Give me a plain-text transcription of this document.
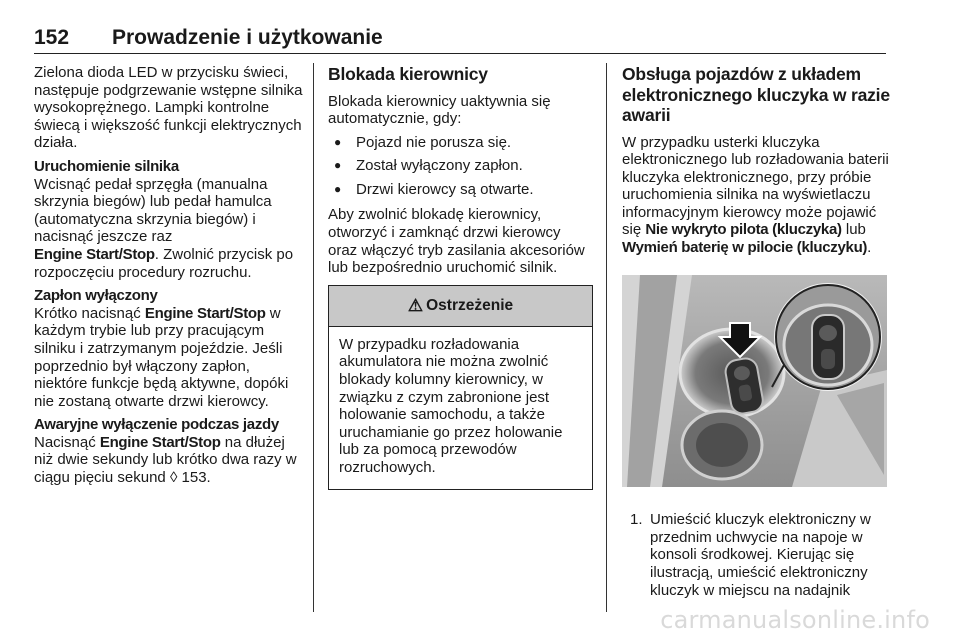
152 Prowadzenie i użytkowanie

Zielona dioda LED w przycisku świeci, następuje podgrzewanie wstępne silnika wysokoprężnego. Lampki kontrolne świecą i większość funkcji elektrycznych działa.

Uruchomienie silnika

Wcisnąć pedał sprzęgła (manualna skrzynia biegów) lub pedał hamulca (automatyczna skrzynia biegów) i nacisnąć jeszcze raz
Engine Start/Stop. Zwolnić przycisk po rozpoczęciu procedury rozruchu.

Zapłon wyłączony

Krótko nacisnąć Engine Start/Stop w każdym trybie lub przy pracującym silniku i zatrzymanym pojeździe. Jeśli poprzednio był włączony zapłon, niektóre funkcje będą aktywne, dopóki nie zostaną otwarte drzwi kierowcy.

Awaryjne wyłączenie podczas jazdy

Nacisnąć Engine Start/Stop na dłużej niż dwie sekundy lub krótko dwa razy w ciągu pięciu sekund ◊ 153.

Blokada kierownicy

Blokada kierownicy uaktywnia się automatycznie, gdy:

● Pojazd nie porusza się.
● Został wyłączony zapłon.
● Drzwi kierowcy są otwarte.

Aby zwolnić blokadę kierownicy, otworzyć i zamknąć drzwi kierowcy oraz włączyć tryb zasilania akcesoriów lub bezpośrednio uruchomić silnik.

⚠ Ostrzeżenie
W przypadku rozładowania akumulatora nie można zwolnić blokady kolumny kierownicy, w związku z czym zabronione jest holowanie samochodu, a także uruchamianie go przez holowanie lub za pomocą przewodów rozruchowych.
Obsługa pojazdów z układem elektronicznego kluczyka w razie awarii

W przypadku usterki kluczyka elektronicznego lub rozładowania baterii kluczyka elektronicznego, przy próbie uruchomienia silnika na wyświetlaczu informacyjnym kierowcy może pojawić się Nie wykryto pilota (kluczyka) lub Wymień baterię w pilocie (kluczyku).

1. Umieścić kluczyk elektroniczny w przednim uchwycie na napoje w konsoli środkowej. Kierując się ilustracją, umieścić elektroniczny kluczyk w miejscu na nadajnik
carmanualsonline.info
